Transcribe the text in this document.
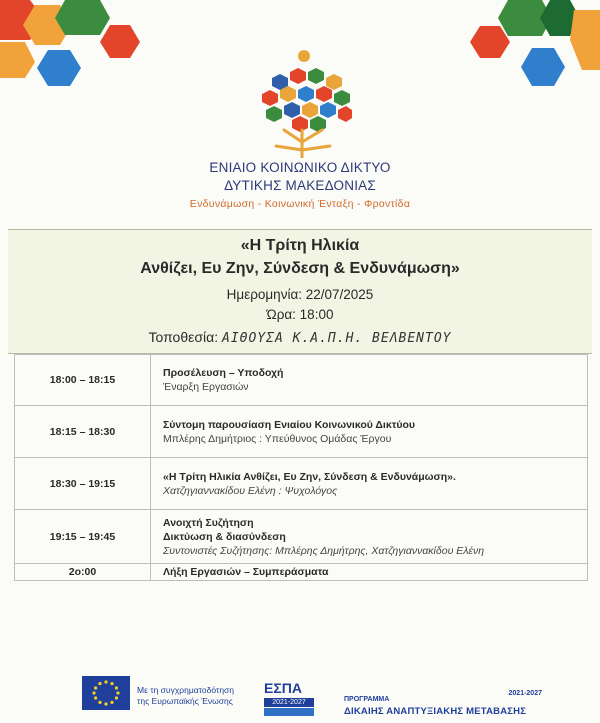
ΕΝΙΑΙΟ ΚΟΙΝΩΝΙΚΟ ΔΙΚΤΥΟ
ΔΥΤΙΚΗΣ ΜΑΚΕΔΟΝΙΑΣ
Ενδυνάμωση - Κοινωνική Ένταξη - Φροντίδα
«Η Τρίτη Ηλικία
Ανθίζει, Ευ Ζην, Σύνδεση & Ενδυνάμωση»
Ημερομηνία: 22/07/2025
Ώρα: 18:00
Τοποθεσία: ΑΙΘΟΥΣΑ Κ.Α.Π.Η. ΒΕΛΒΕΝΤΟΥ
18:00 – 18:15	Προσέλευση – Υποδοχή
Έναρξη Εργασιών

18:15 – 18:30	Σύντομη παρουσίαση Ενιαίου Κοινωνικού Δικτύου
Μπλέρης Δημήτριος : Υπεύθυνος Ομάδας Έργου

18:30 – 19:15	«Η Τρίτη Ηλικία Ανθίζει, Ευ Ζην, Σύνδεση & Ενδυνάμωση».
Χατζηγιαννακίδου Ελένη : Ψυχολόγος

19:15 – 19:45	Ανοιχτή Συζήτηση
Δικτύωση & διασύνδεση
Συντονιστές Συζήτησης: Μπλέρης Δημήτρης, Χατζηγιαννακίδου Ελένη

2ο:00	Λήξη Εργασιών – Συμπεράσματα
Με τη συγχρηματοδότηση
της Ευρωπαϊκής Ένωσης
ΕΣΠΑ
2021-2027	ΠΡΟΓΡΑΜΜΑ
2021-2027
ΔΙΚΑΙΗΣ ΑΝΑΠΤΥΞΙΑΚΗΣ ΜΕΤΑΒΑΣΗΣ
